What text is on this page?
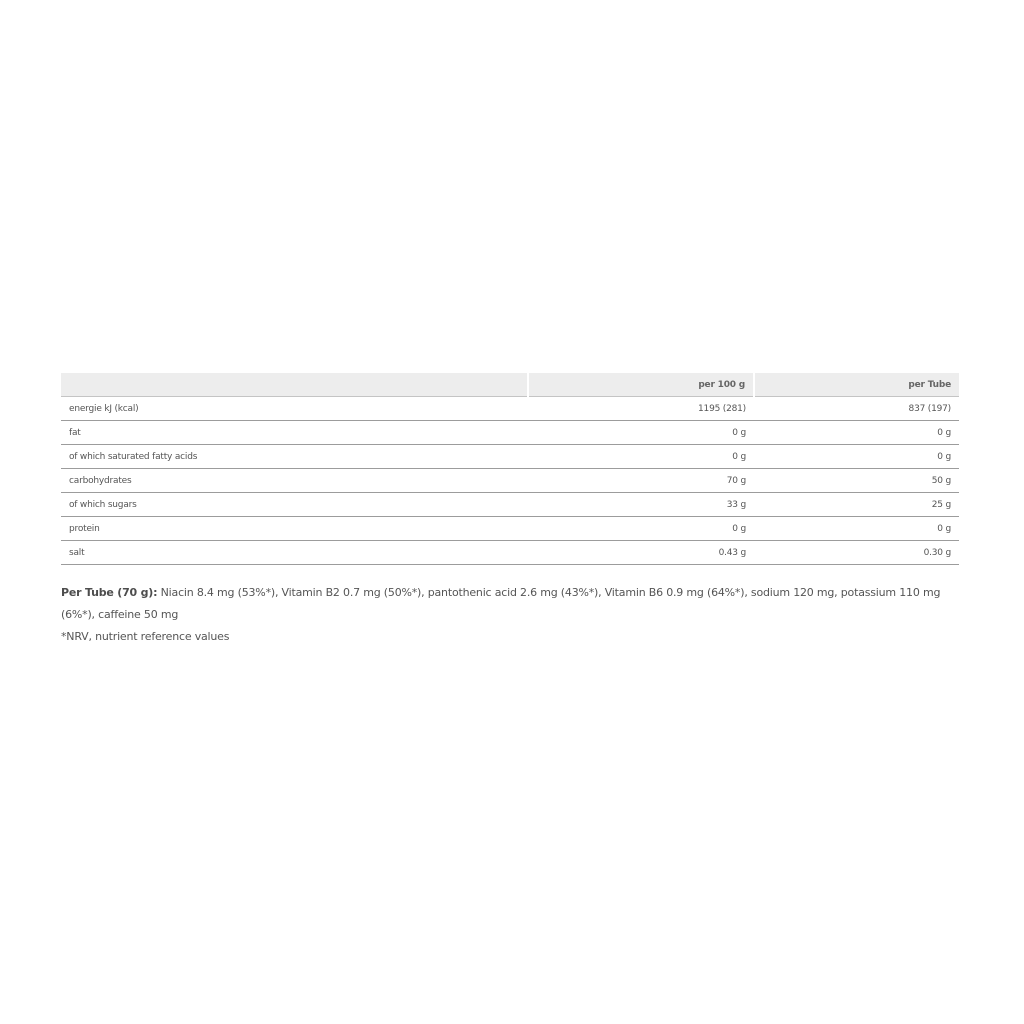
	per 100 g	per Tube
energie kJ (kcal)	1195 (281)	837 (197)
fat	0 g	0 g
of which saturated fatty acids	0 g	0 g
carbohydrates	70 g	50 g
of which sugars	33 g	25 g
protein	0 g	0 g
salt	0.43 g	0.30 g

Per Tube (70 g): Niacin 8.4 mg (53%*), Vitamin B2 0.7 mg (50%*), pantothenic acid 2.6 mg (43%*), Vitamin B6 0.9 mg (64%*), sodium 120 mg, potassium 110 mg (6%*), caffeine 50 mg

*NRV, nutrient reference values
